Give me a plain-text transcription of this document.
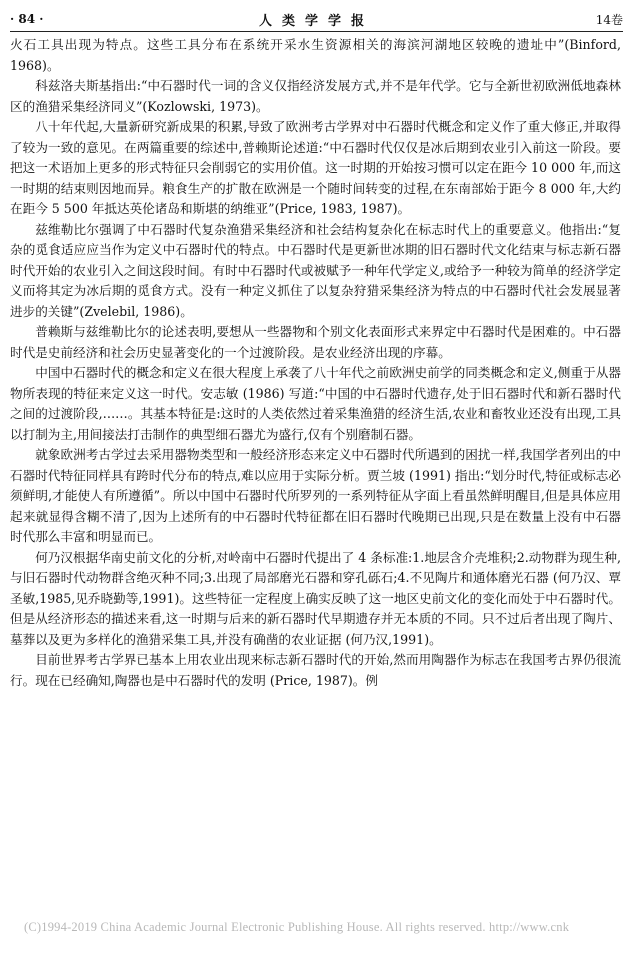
· 84 ·	人类学学报	14卷

火石工具出现为特点。这些工具分布在系统开采水生资源相关的海滨河湖地区较晚的遗址中”(Binford, 1968)。

科兹洛夫斯基指出:“中石器时代一词的含义仅指经济发展方式,并不是年代学。它与全新世初欧洲低地森林区的渔猎采集经济同义”(Kozlowski, 1973)。

八十年代起,大量新研究新成果的积累,导致了欧洲考古学界对中石器时代概念和定义作了重大修正,并取得了较为一致的意见。在两篇重要的综述中,普赖斯论述道:“中石器时代仅仅是冰后期到农业引入前这一阶段。要把这一术语加上更多的形式特征只会削弱它的实用价值。这一时期的开始按习惯可以定在距今 10 000 年,而这一时期的结束则因地而异。粮食生产的扩散在欧洲是一个随时间转变的过程,在东南部始于距今 8 000 年,大约在距今 5 500 年抵达英伦诸岛和斯堪的纳维亚”(Price, 1983, 1987)。

兹维勒比尔强调了中石器时代复杂渔猎采集经济和社会结构复杂化在标志时代上的重要意义。他指出:“复杂的觅食适应应当作为定义中石器时代的特点。中石器时代是更新世冰期的旧石器时代文化结束与标志新石器时代开始的农业引入之间这段时间。有时中石器时代或被赋予一种年代学定义,或给予一种较为简单的经济学定义而将其定为冰后期的觅食方式。没有一种定义抓住了以复杂狩猎采集经济为特点的中石器时代社会发展显著进步的关键”(Zvelebil, 1986)。

普赖斯与兹维勒比尔的论述表明,要想从一些器物和个别文化表面形式来界定中石器时代是困难的。中石器时代是史前经济和社会历史显著变化的一个过渡阶段。是农业经济出现的序幕。

中国中石器时代的概念和定义在很大程度上承袭了八十年代之前欧洲史前学的同类概念和定义,侧重于从器物所表现的特征来定义这一时代。安志敏 (1986) 写道:“中国的中石器时代遗存,处于旧石器时代和新石器时代之间的过渡阶段,……。其基本特征是:这时的人类依然过着采集渔猎的经济生活,农业和畜牧业还没有出现,工具以打制为主,用间接法打击制作的典型细石器尤为盛行,仅有个别磨制石器。

就象欧洲考古学过去采用器物类型和一般经济形态来定义中石器时代所遇到的困扰一样,我国学者列出的中石器时代特征同样具有跨时代分布的特点,难以应用于实际分析。贾兰坡 (1991) 指出:“划分时代,特征或标志必须鲜明,才能使人有所遵循”。所以中国中石器时代所罗列的一系列特征从字面上看虽然鲜明醒目,但是具体应用起来就显得含糊不清了,因为上述所有的中石器时代特征都在旧石器时代晚期已出现,只是在数量上没有中石器时代那么丰富和明显而已。

何乃汉根据华南史前文化的分析,对岭南中石器时代提出了 4 条标准:1.地层含介壳堆积;2.动物群为现生种,与旧石器时代动物群含绝灭种不同;3.出现了局部磨光石器和穿孔砾石;4.不见陶片和通体磨光石器 (何乃汉、覃圣敏,1985,见乔晓勤等,1991)。这些特征一定程度上确实反映了这一地区史前文化的变化而处于中石器时代。但是从经济形态的描述来看,这一时期与后来的新石器时代早期遗存并无本质的不同。只不过后者出现了陶片、墓葬以及更为多样化的渔猎采集工具,并没有确凿的农业证据 (何乃汉,1991)。

目前世界考古学界已基本上用农业出现来标志新石器时代的开始,然而用陶器作为标志在我国考古界仍很流行。现在已经确知,陶器也是中石器时代的发明 (Price, 1987)。例

(C)1994-2019 China Academic Journal Electronic Publishing House. All rights reserved. http://www.cnk
